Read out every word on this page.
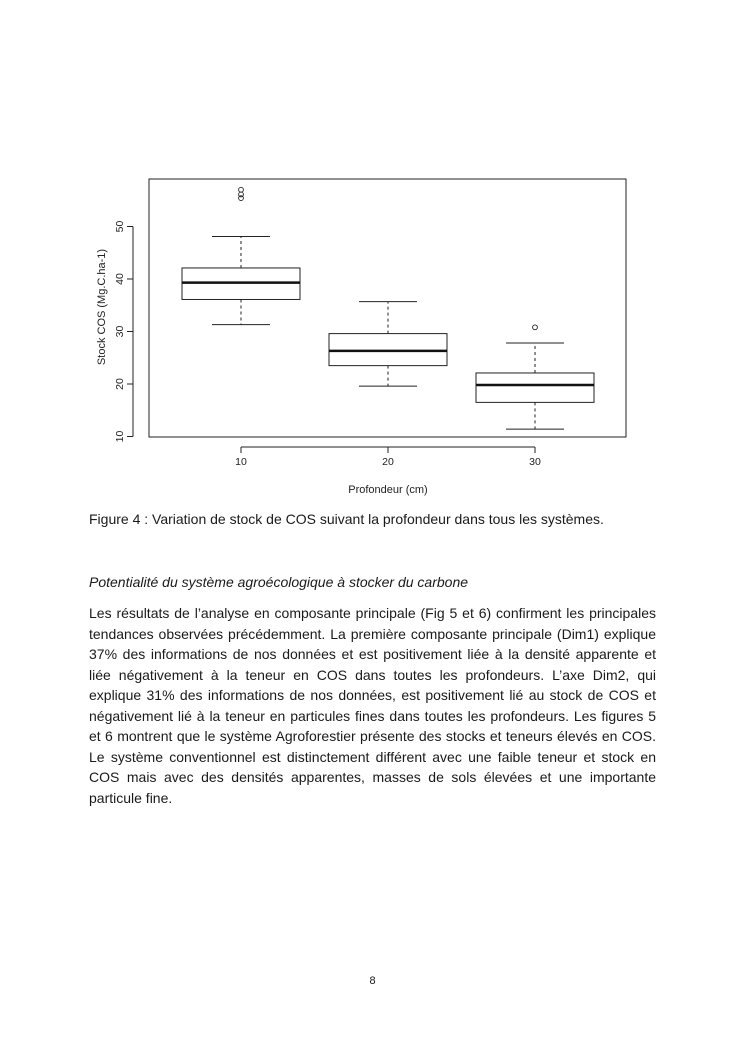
10
20
30
40
50
10	20	30
Profondeur (cm)
Stock COS (Mg.C.ha-1)
Figure 4 : Variation de stock de COS suivant la profondeur dans tous les systèmes.
Potentialité du système agroécologique à stocker du carbone

Les résultats de l’analyse en composante principale (Fig 5 et 6) confirment les principales tendances observées précédemment. La première composante principale (Dim1) explique 37% des informations de nos données et est positivement liée à la densité apparente et liée négativement à la teneur en COS dans toutes les profondeurs. L’axe Dim2, qui explique 31% des informations de nos données, est positivement lié au stock de COS et négativement lié à la teneur en particules fines dans toutes les profondeurs. Les figures 5 et 6 montrent que le système Agroforestier présente des stocks et teneurs élevés en COS. Le système conventionnel est distinctement différent avec une faible teneur et stock en COS mais avec des densités apparentes, masses de sols élevées et une importante particule fine.

8
